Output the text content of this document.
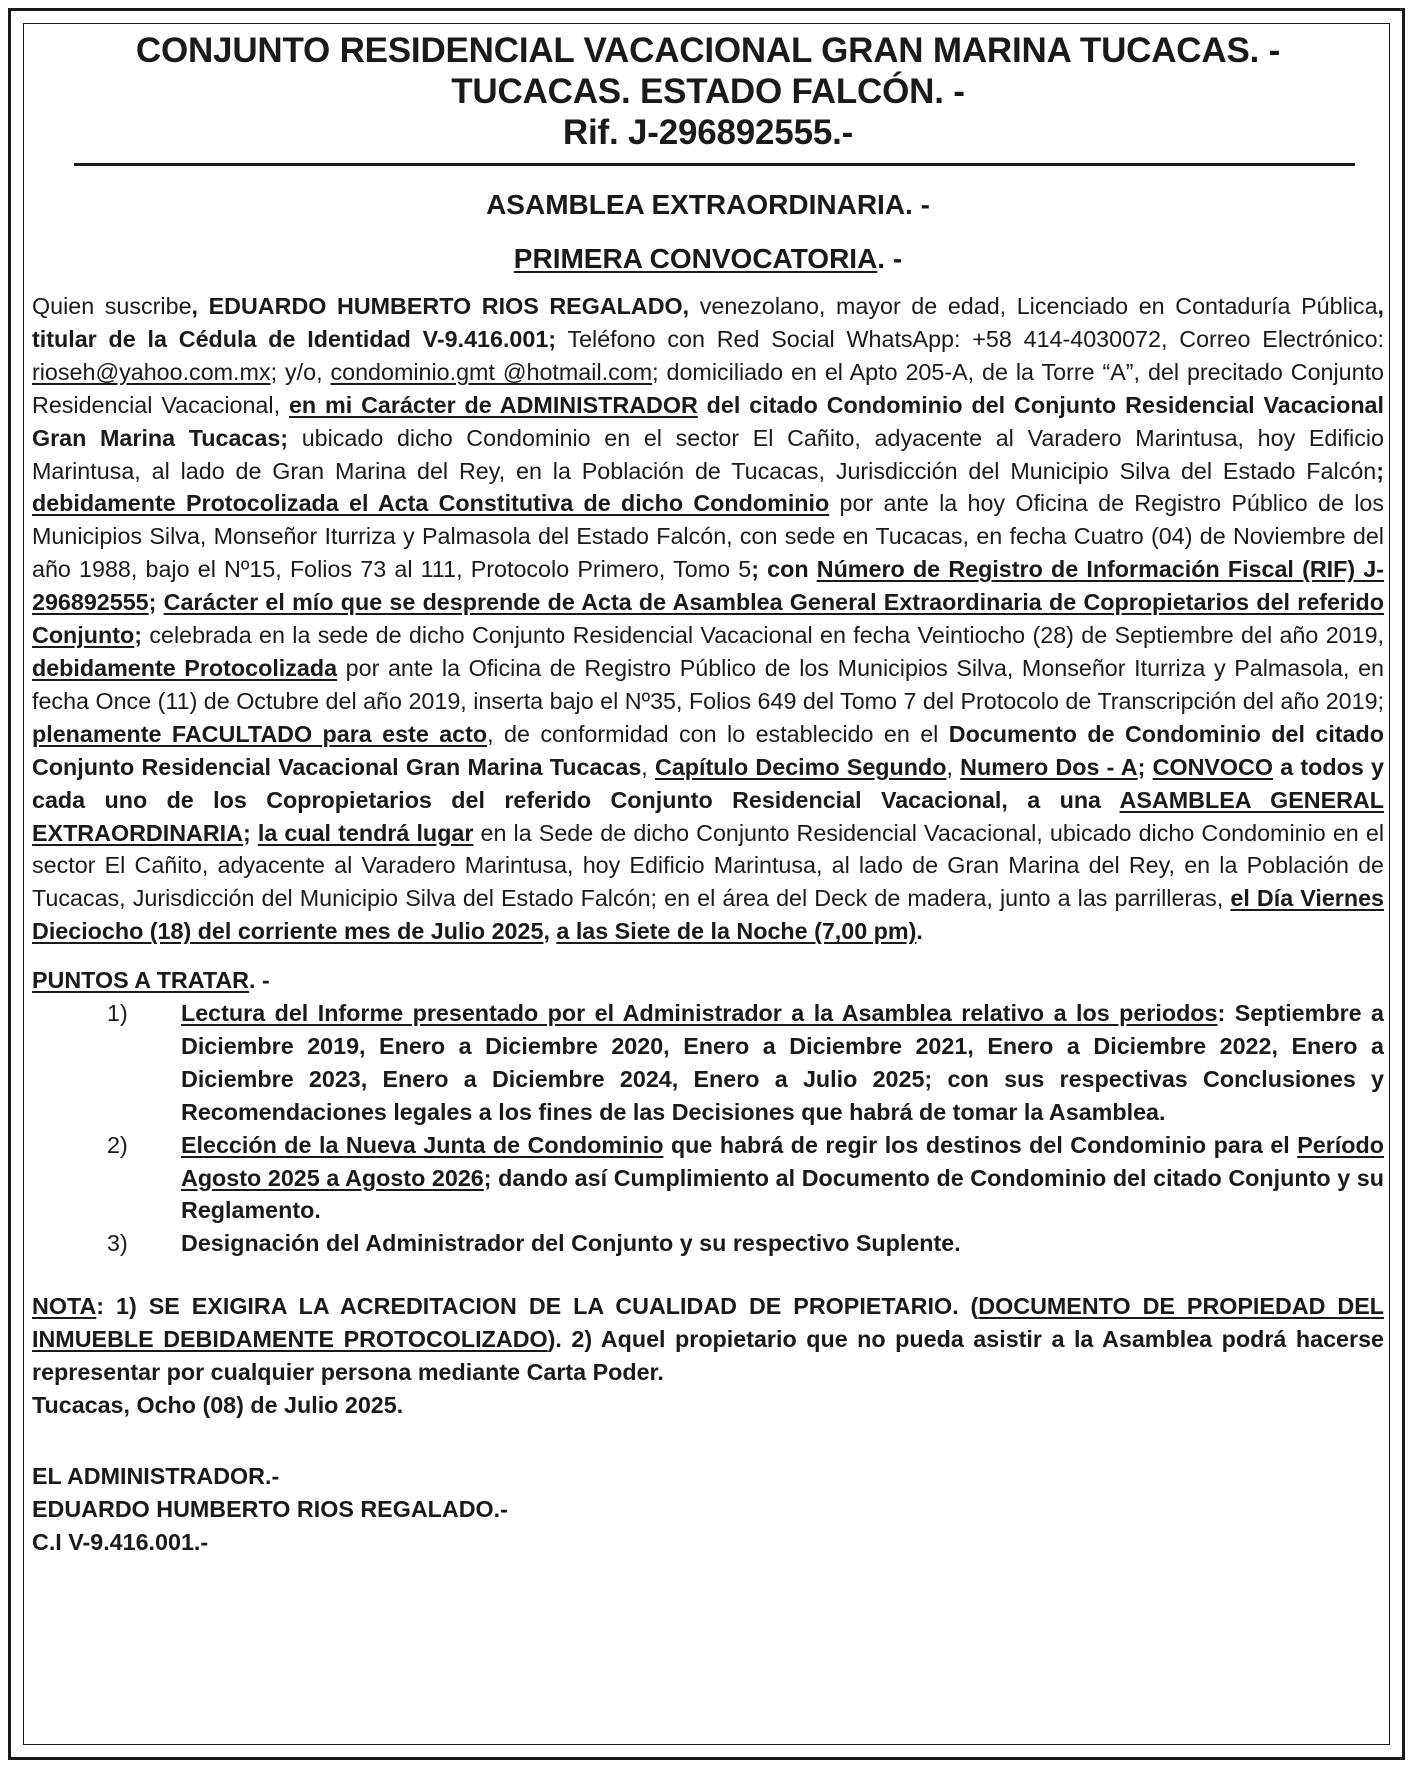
CONJUNTO RESIDENCIAL VACACIONAL GRAN MARINA TUCACAS. -

TUCACAS. ESTADO FALCÓN. -

Rif. J-296892555.-

ASAMBLEA EXTRAORDINARIA. -

PRIMERA CONVOCATORIA. -

Quien suscribe, EDUARDO HUMBERTO RIOS REGALADO, venezolano, mayor de edad, Licenciado en Contaduría Pública, titular de la Cédula de Identidad V-9.416.001; Teléfono con Red Social WhatsApp: +58 414-4030072, Correo Electrónico: rioseh@yahoo.com.mx; y/o, condominio.gmt @hotmail.com; domiciliado en el Apto 205-A, de la Torre “A”, del precitado Conjunto Residencial Vacacional, en mi Carácter de ADMINISTRADOR del citado Condominio del Conjunto Residencial Vacacional Gran Marina Tucacas; ubicado dicho Condominio en el sector El Cañito, adyacente al Varadero Marintusa, hoy Edificio Marintusa, al lado de Gran Marina del Rey, en la Población de Tucacas, Jurisdicción del Municipio Silva del Estado Falcón; debidamente Protocolizada el Acta Constitutiva de dicho Condominio por ante la hoy Oficina de Registro Público de los Municipios Silva, Monseñor Iturriza y Palmasola del Estado Falcón, con sede en Tucacas, en fecha Cuatro (04) de Noviembre del año 1988, bajo el Nº15, Folios 73 al 111, Protocolo Primero, Tomo 5; con Número de Registro de Información Fiscal (RIF) J-296892555; Carácter el mío que se desprende de Acta de Asamblea General Extraordinaria de Copropietarios del referido Conjunto; celebrada en la sede de dicho Conjunto Residencial Vacacional en fecha Veintiocho (28) de Septiembre del año 2019, debidamente Protocolizada por ante la Oficina de Registro Público de los Municipios Silva, Monseñor Iturriza y Palmasola, en fecha Once (11) de Octubre del año 2019, inserta bajo el Nº35, Folios 649 del Tomo 7 del Protocolo de Transcripción del año 2019; plenamente FACULTADO para este acto, de conformidad con lo establecido en el Documento de Condominio del citado Conjunto Residencial Vacacional Gran Marina Tucacas, Capítulo Decimo Segundo, Numero Dos - A; CONVOCO a todos y cada uno de los Copropietarios del referido Conjunto Residencial Vacacional, a una ASAMBLEA GENERAL EXTRAORDINARIA; la cual tendrá lugar en la Sede de dicho Conjunto Residencial Vacacional, ubicado dicho Condominio en el sector El Cañito, adyacente al Varadero Marintusa, hoy Edificio Marintusa, al lado de Gran Marina del Rey, en la Población de Tucacas, Jurisdicción del Municipio Silva del Estado Falcón; en el área del Deck de madera, junto a las parrilleras, el Día Viernes Dieciocho (18) del corriente mes de Julio 2025, a las Siete de la Noche (7,00 pm).

PUNTOS A TRATAR. -

1) Lectura del Informe presentado por el Administrador a la Asamblea relativo a los periodos: Septiembre a Diciembre 2019, Enero a Diciembre 2020, Enero a Diciembre 2021, Enero a Diciembre 2022, Enero a Diciembre 2023, Enero a Diciembre 2024, Enero a Julio 2025; con sus respectivas Conclusiones y Recomendaciones legales a los fines de las Decisiones que habrá de tomar la Asamblea.
2) Elección de la Nueva Junta de Condominio que habrá de regir los destinos del Condominio para el Período Agosto 2025 a Agosto 2026; dando así Cumplimiento al Documento de Condominio del citado Conjunto y su Reglamento.
3) Designación del Administrador del Conjunto y su respectivo Suplente.

NOTA: 1) SE EXIGIRA LA ACREDITACION DE LA CUALIDAD DE PROPIETARIO. (DOCUMENTO DE PROPIEDAD DEL INMUEBLE DEBIDAMENTE PROTOCOLIZADO). 2) Aquel propietario que no pueda asistir a la Asamblea podrá hacerse representar por cualquier persona mediante Carta Poder.

Tucacas, Ocho (08) de Julio 2025.

EL ADMINISTRADOR.-

EDUARDO HUMBERTO RIOS REGALADO.-

C.I V-9.416.001.-
